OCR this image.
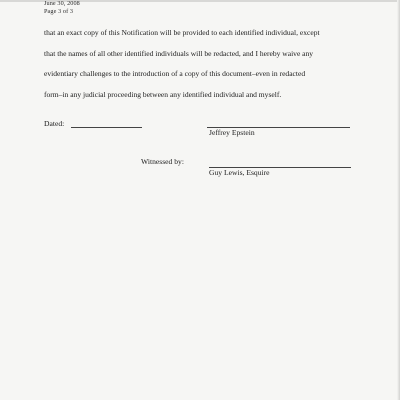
June 30, 2008
Page 3 of 3
that an exact copy of this Notification will be provided to each identified individual, except
that the names of all other identified individuals will be redacted, and I hereby waive any
evidentiary challenges to the introduction of a copy of this document–even in redacted
form–in any judicial proceeding between any identified individual and myself.
Dated:
Jeffrey Epstein
Witnessed by:
Guy Lewis, Esquire
